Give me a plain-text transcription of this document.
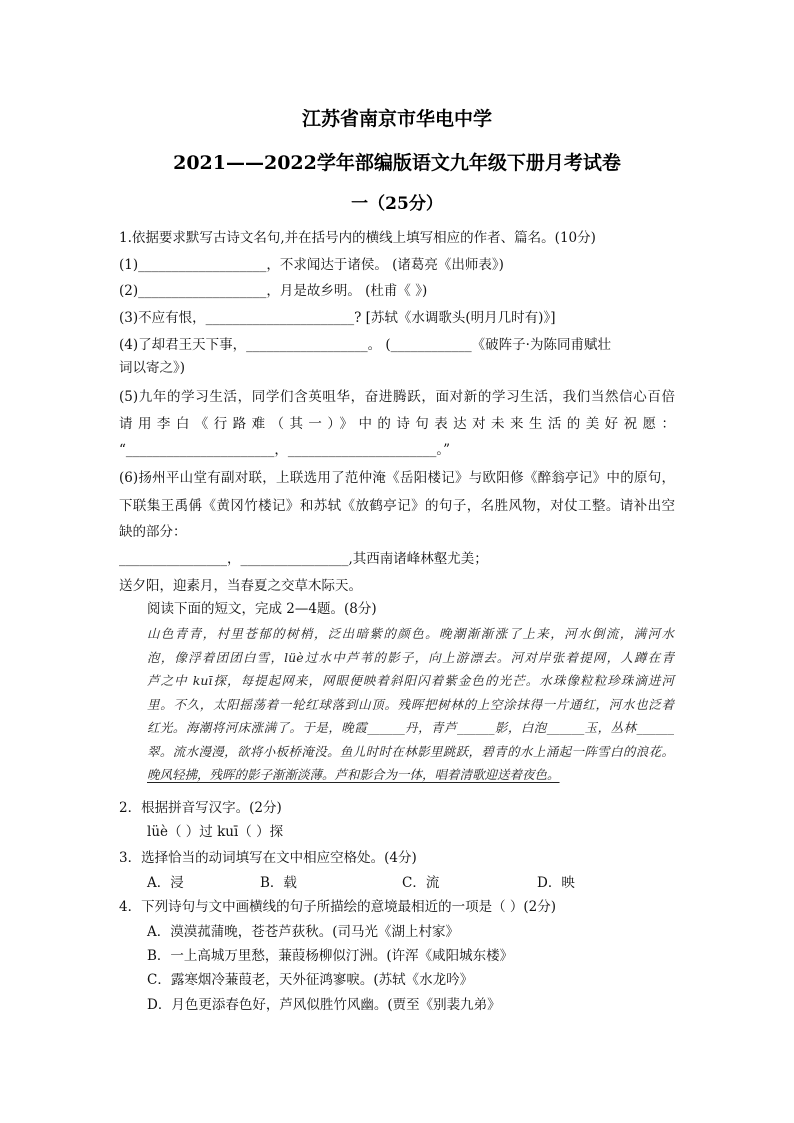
江苏省南京市华电中学
2021——2022学年部编版语文九年级下册月考试卷
一（25分）
1.依据要求默写古诗文名句,并在括号内的横线上填写相应的作者、篇名。(10分)
(1)___________________，不求闻达于诸侯。 (诸葛亮《出师表》)
(2)___________________，月是故乡明。 (杜甫《 》)
(3)不应有恨，______________________? [苏轼《水调歌头(明月几时有)》]
(4)了却君王天下事，__________________。 (____________《破阵子·为陈同甫赋壮
词以寄之》)
(5)九年的学习生活，同学们含英咀华，奋进腾跃，面对新的学习生活，我们当然信心百倍
请用李白《行路难（其一）》中的诗句表达对未来生活的美好祝愿：
“______________________，______________________。”
(6)扬州平山堂有副对联，上联选用了范仲淹《岳阳楼记》与欧阳修《醉翁亭记》中的原句，
下联集王禹偁《黄冈竹楼记》和苏轼《放鹤亭记》的句子，名胜风物，对仗工整。请补出空
缺的部分：
________________，________________,其西南诸峰林壑尤美；
送夕阳，迎素月，当春夏之交草木际天。
阅读下面的短文，完成 2—4题。(8分)
山色青青，村里苍郁的树梢，泛出暗紫的颜色。晚潮渐渐涨了上来，河水倒流，满河水
泡，像浮着团团白雪，lüè过水中芦苇的影子，向上游漂去。河对岸张着提网，人蹲在青
芦之中 kuī探，每提起网来，网眼便映着斜阳闪着紫金色的光芒。水珠像粒粒珍珠滴进河
里。不久，太阳摇荡着一轮红球落到山顶。残晖把树林的上空涂抹得一片通红，河水也泛着
红光。海潮将河床涨满了。于是，晚霞______丹，青芦______影，白泡______玉，丛林______
翠。流水漫漫，欲将小板桥淹没。鱼儿时时在林影里跳跃，碧青的水上涌起一阵雪白的浪花。
晚风轻拂，残晖的影子渐渐淡薄。芦和影合为一体，唱着清歌迎送着夜色。
2．根据拼音写汉字。(2分)
lüè（ ）过 kuī（ ）探
3．选择恰当的动词填写在文中相应空格处。(4分)
A．浸	B．载	C．流	D．映
4．下列诗句与文中画横线的句子所描绘的意境最相近的一项是（ ）(2分)
A．漠漠菰蒲晚，苍苍芦荻秋。(司马光《湖上村家》
B．一上高城万里愁，蒹葭杨柳似汀洲。(许浑《咸阳城东楼》
C．露寒烟冷蒹葭老，天外征鸿寥唳。(苏轼《水龙吟》
D．月色更添春色好，芦风似胜竹风幽。(贾至《别裴九弟》
